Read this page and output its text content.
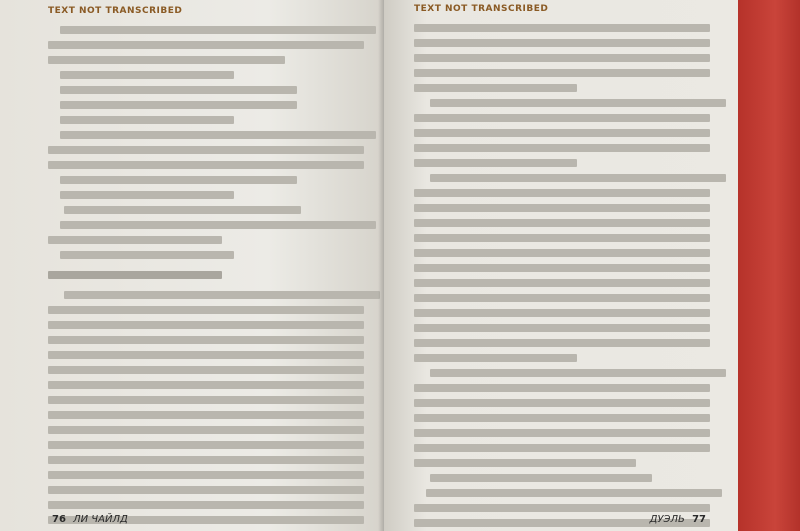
TEXT NOT TRANSCRIBED
76 ЛИ ЧАЙЛД
TEXT NOT TRANSCRIBED
ДУЭЛЬ 77
